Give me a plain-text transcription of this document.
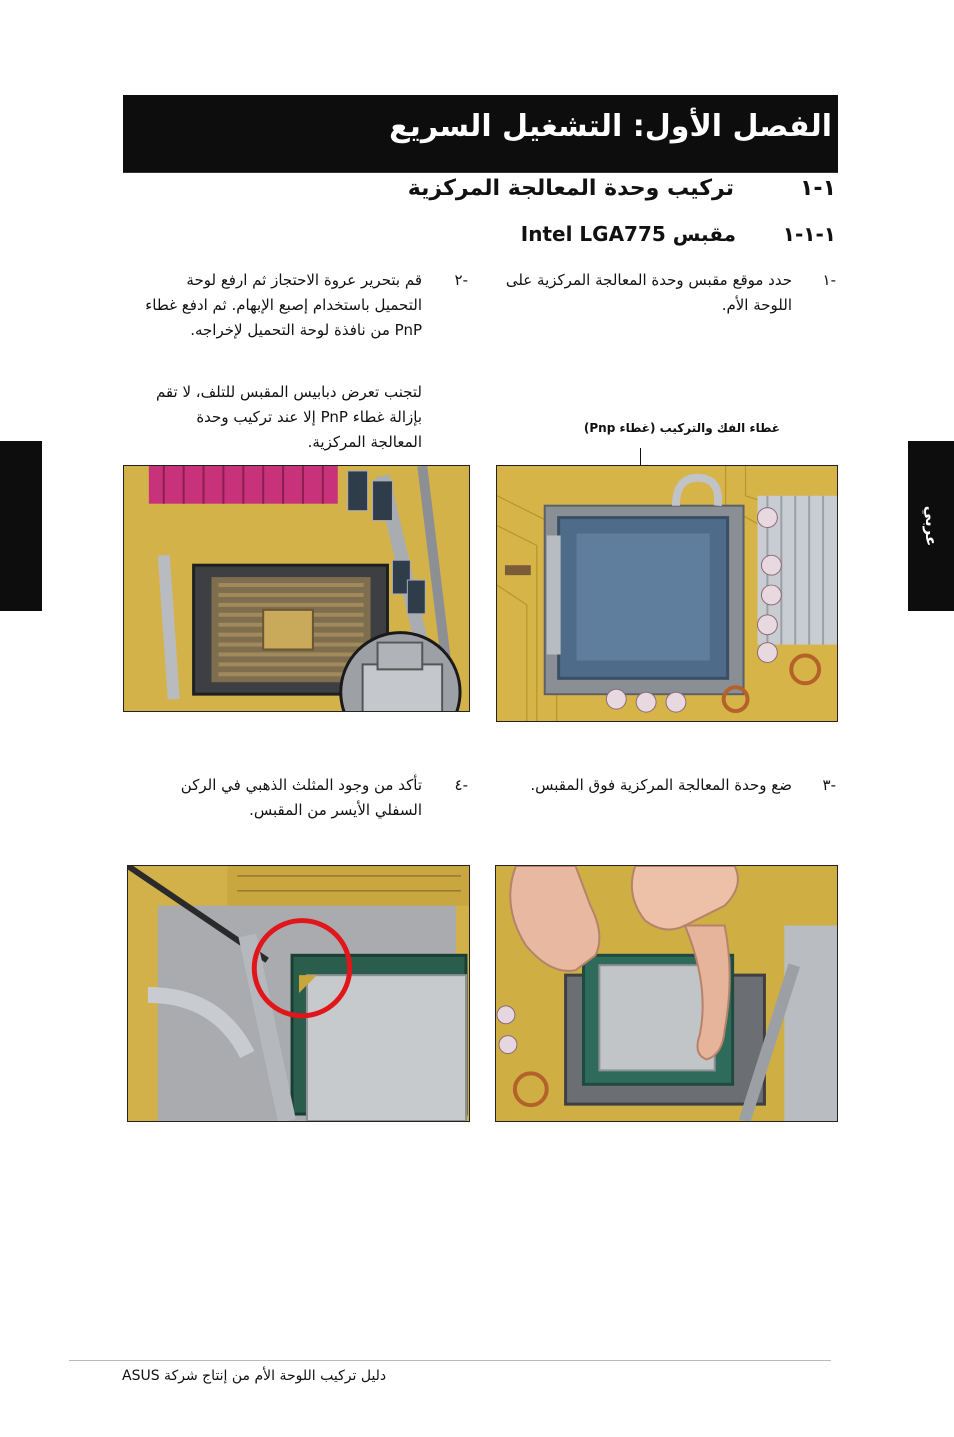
الفصل الأول: التشغيل السريع
عربي
١-١
تركيب وحدة المعالجة المركزية
١-١-١
مقبس Intel LGA775
١-
حدد موقع مقبس وحدة المعالجة المركزية على اللوحة الأم.
٢-
قم بتحرير عروة الاحتجاز ثم ارفع لوحة التحميل باستخدام إصبع الإبهام. ثم ادفع غطاء PnP من نافذة لوحة التحميل لإخراجه.
لتجنب تعرض دبابيس المقبس للتلف، لا تقم بإزالة غطاء PnP إلا عند تركيب وحدة المعالجة المركزية.
غطاء الفك والتركيب (غطاء Pnp)
٣-
ضع وحدة المعالجة المركزية فوق المقبس.
٤-
تأكد من وجود المثلث الذهبي في الركن السفلي الأيسر من المقبس.
دليل تركيب اللوحة الأم من إنتاج شركة ASUS
